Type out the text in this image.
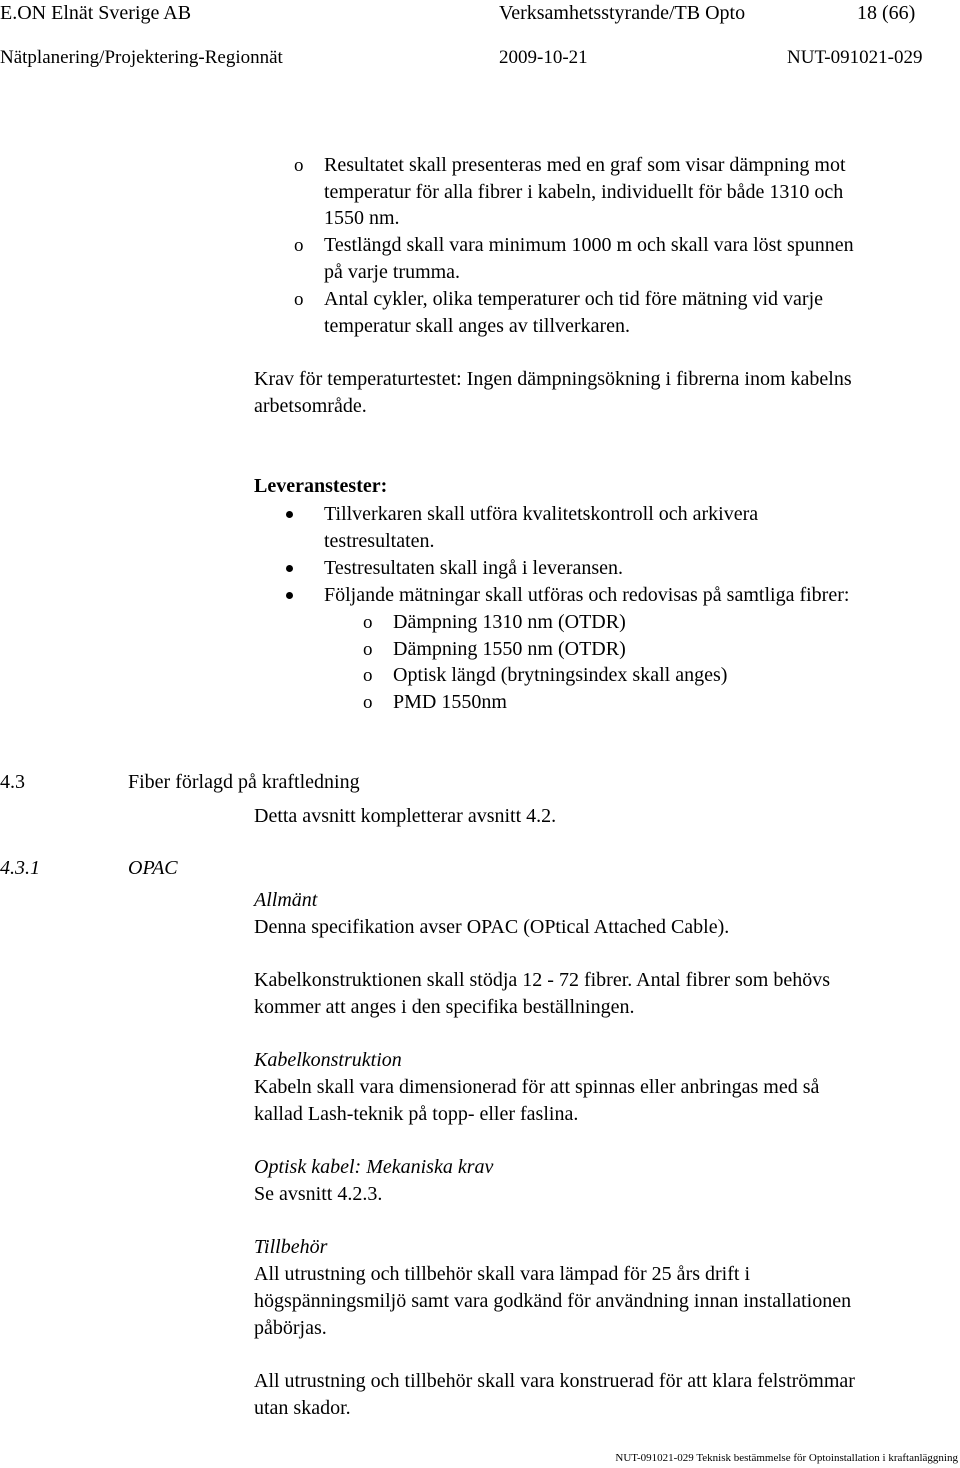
E.ON Elnät Sverige AB	Verksamhetsstyrande/TB Opto	18 (66)
Nätplanering/Projektering-Regionnät	2009-10-21	NUT-091021-029
o Resultatet skall presenteras med en graf som visar dämpning mot
temperatur för alla fibrer i kabeln, individuellt för både 1310 och
1550 nm.
o Testlängd skall vara minimum 1000 m och skall vara löst spunnen
på varje trumma.
o Antal cykler, olika temperaturer och tid före mätning vid varje
temperatur skall anges av tillverkaren.
Krav för temperaturtestet: Ingen dämpningsökning i fibrerna inom kabelns
arbetsområde.
Leveranstester:
Tillverkaren skall utföra kvalitetskontroll och arkivera
testresultaten.
Testresultaten skall ingå i leveransen.
Följande mätningar skall utföras och redovisas på samtliga fibrer:
o Dämpning 1310 nm (OTDR)
o Dämpning 1550 nm (OTDR)
o Optisk längd (brytningsindex skall anges)
o PMD 1550nm
4.3	Fiber förlagd på kraftledning
Detta avsnitt kompletterar avsnitt 4.2.
4.3.1	OPAC
Allmänt
Denna specifikation avser OPAC (OPtical Attached Cable).
Kabelkonstruktionen skall stödja 12 - 72 fibrer. Antal fibrer som behövs
kommer att anges i den specifika beställningen.
Kabelkonstruktion
Kabeln skall vara dimensionerad för att spinnas eller anbringas med så
kallad Lash-teknik på topp- eller faslina.
Optisk kabel: Mekaniska krav
Se avsnitt 4.2.3.
Tillbehör
All utrustning och tillbehör skall vara lämpad för 25 års drift i
högspänningsmiljö samt vara godkänd för användning innan installationen
påbörjas.
All utrustning och tillbehör skall vara konstruerad för att klara felströmmar
utan skador.
NUT-091021-029 Teknisk bestämmelse för Optoinstallation i kraftanläggning
